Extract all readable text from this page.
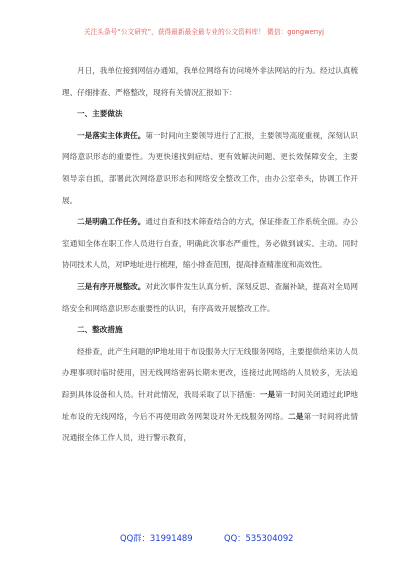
关注头条号“公文研究”，获得最新最全最专业的公文资料库！ 微信：gongwenyj

月日，我单位接到网信办通知，我单位网络有访问境外非法网站的行为。经过认真梳理、仔细排查、严格整改，现将有关情况汇报如下：

一、主要做法

一是落实主体责任。第一时间向主要领导进行了汇报，主要领导高度重视，深刻认识网络意识形态的重要性。为更快速找到症结、更有效解决问题、更长效保障安全，主要领导亲自抓，部署此次网络意识形态和网络安全整改工作，由办公室牵头，协调工作开展。

二是明确工作任务。通过自查和技术筛查结合的方式，保证排查工作系统全面。办公室通知全体在职工作人员进行自查，明确此次事态严重性，务必做到诚实、主动。同时协同技术人员，对IP地址进行梳理，缩小排查范围，提高排查精准度和高效性。

三是有序开展整改。对此次事件发生认真分析、深刻反思、查漏补缺，提高对全局网络安全和网络意识形态重要性的认识，有序高效开展整改工作。

二、整改措施

经排查，此产生问题的IP地址用于布设服务大厅无线服务网络，主要提供给来访人员办理事项时临时使用，因无线网络密码长期未更改，连接过此网络的人员较多，无法追踪到具体设备和人员。针对此情况，我局采取了以下措施：一是第一时间关闭通过此IP地址布设的无线网络，今后不再使用政务网架设对外无线服务网络。二是第一时间将此情况通报全体工作人员，进行警示教育，

QQ群：31991489	QQ：535304092
